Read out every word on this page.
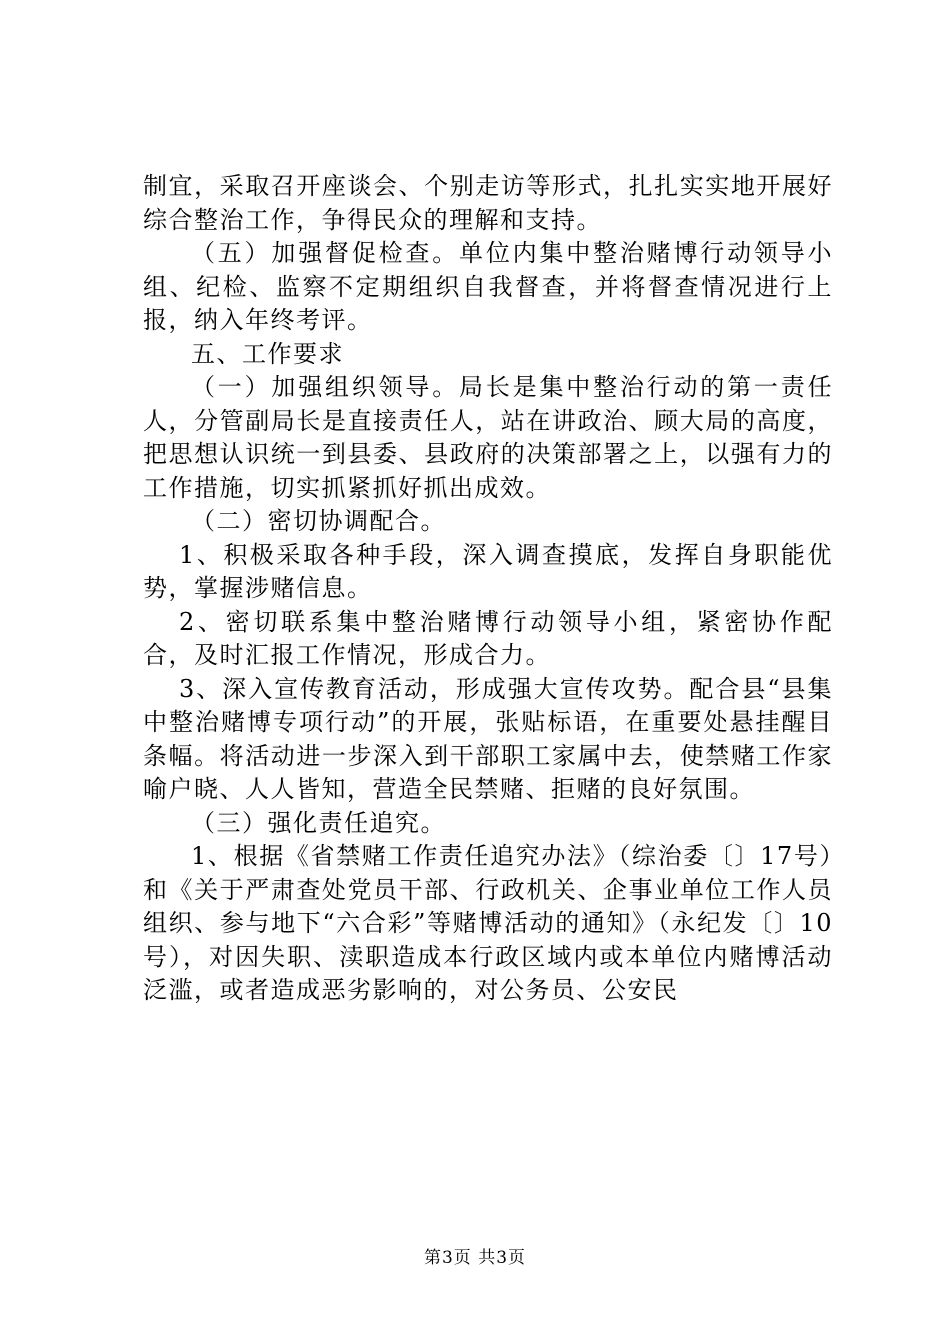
制宜，采取召开座谈会、个别走访等形式，扎扎实实地开展好综合整治工作，争得民众的理解和支持。

（五）加强督促检查。单位内集中整治赌博行动领导小组、纪检、监察不定期组织自我督查，并将督查情况进行上报，纳入年终考评。

五、工作要求

（一）加强组织领导。局长是集中整治行动的第一责任人，分管副局长是直接责任人，站在讲政治、顾大局的高度，把思想认识统一到县委、县政府的决策部署之上，以强有力的工作措施，切实抓紧抓好抓出成效。

（二）密切协调配合。

1、积极采取各种手段，深入调查摸底，发挥自身职能优势，掌握涉赌信息。

2、密切联系集中整治赌博行动领导小组，紧密协作配合，及时汇报工作情况，形成合力。

3、深入宣传教育活动，形成强大宣传攻势。配合县“县集中整治赌博专项行动”的开展，张贴标语，在重要处悬挂醒目条幅。将活动进一步深入到干部职工家属中去，使禁赌工作家喻户晓、人人皆知，营造全民禁赌、拒赌的良好氛围。

（三）强化责任追究。

1、根据《省禁赌工作责任追究办法》（综治委〔〕17号）和《关于严肃查处党员干部、行政机关、企事业单位工作人员组织、参与地下“六合彩”等赌博活动的通知》（永纪发〔〕10号），对因失职、渎职造成本行政区域内或本单位内赌博活动泛滥，或者造成恶劣影响的，对公务员、公安民

第3页 共3页
